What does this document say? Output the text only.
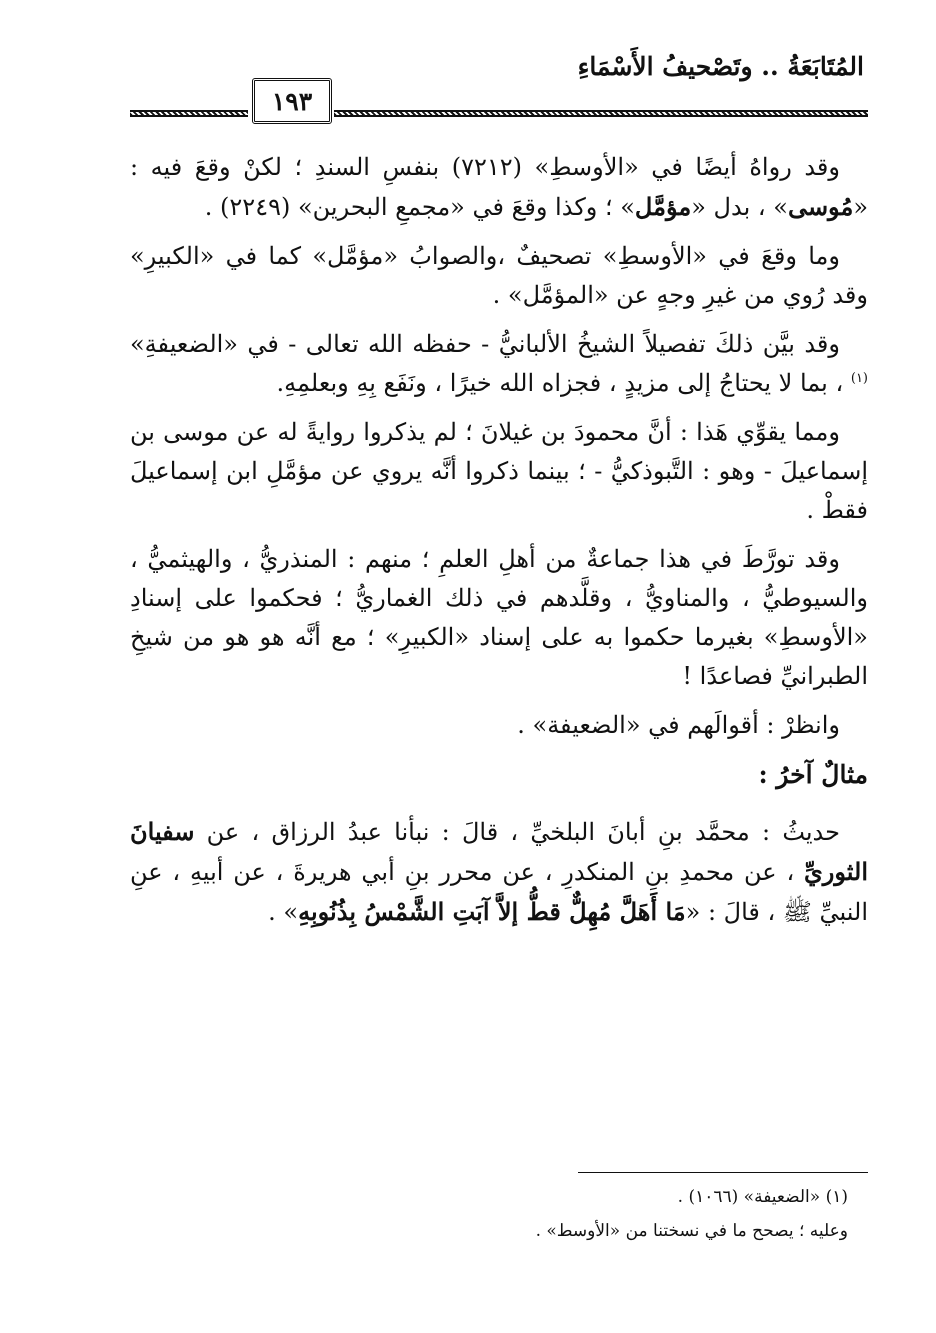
المُتَابَعَةُ .. وتَصْحيفُ الأَسْمَاءِ
١٩٣

وقد رواهُ أيضًا في «الأوسطِ» (٧٢١٢) بنفسِ السندِ ؛ لكنْ وقعَ فيه : «مُوسى» ، بدل «مؤمَّل» ؛ وكذا وقعَ في «مجمعِ البحرين» (٢٢٤٩) .

وما وقعَ في «الأوسطِ» تصحيفٌ ،والصوابُ «مؤمَّل» كما في «الكبيرِ» وقد رُوي من غيرِ وجهٍ عن «المؤمَّل» .

وقد بيَّن ذلكَ تفصيلاً الشيخُ الألبانيُّ - حفظه الله تعالى - في «الضعيفةِ» $^{(١)}$ ، بما لا يحتاجُ إلى مزيدٍ ، فجزاه الله خيرًا ، ونَفَع بِهِ وبعلمِهِ.

ومما يقوِّي هَذا : أنَّ محمودَ بن غيلانَ ؛ لم يذكروا روايةً له عن موسى بن إسماعيلَ - وهو : التَّبوذكيُّ - ؛ بينما ذكروا أنَّه يروي عن مؤمَّلِ ابن إسماعيلَ فقطْ .

وقد تورَّطَ في هذا جماعةٌ من أهلِ العلمِ ؛ منهم : المنذريُّ ، والهيثميُّ ، والسيوطيُّ ، والمناويُّ ، وقلَّدهم في ذلك الغماريُّ ؛ فحكموا على إسنادِ «الأوسطِ» بغيرما حكموا به على إسناد «الكبيرِ» ؛ مع أنَّه هو هو من شيخِ الطبرانيِّ فصاعدًا !

وانظرْ : أقوالَهم في «الضعيفة» .

مثالٌ آخرُ :

حديثُ : محمَّد بنِ أبانَ البلخيِّ ، قالَ : نبأنا عبدُ الرزاق ، عن سفيانَ الثوريِّ ، عن محمدِ بنِ المنكدرِ ، عن محرر بنِ أبي هريرةَ ، عن أبيهِ ، عنِ النبيِّ ﷺ ، قالَ : «مَا أَهَلَّ مُهِلٌّ قطُّ إلاَّ آبَتِ الشَّمْسُ بِذُنُوبِهِ» .

(١) «الضعيفة» (١٠٦٦) .

وعليه ؛ يصحح ما في نسختنا من «الأوسط» .
